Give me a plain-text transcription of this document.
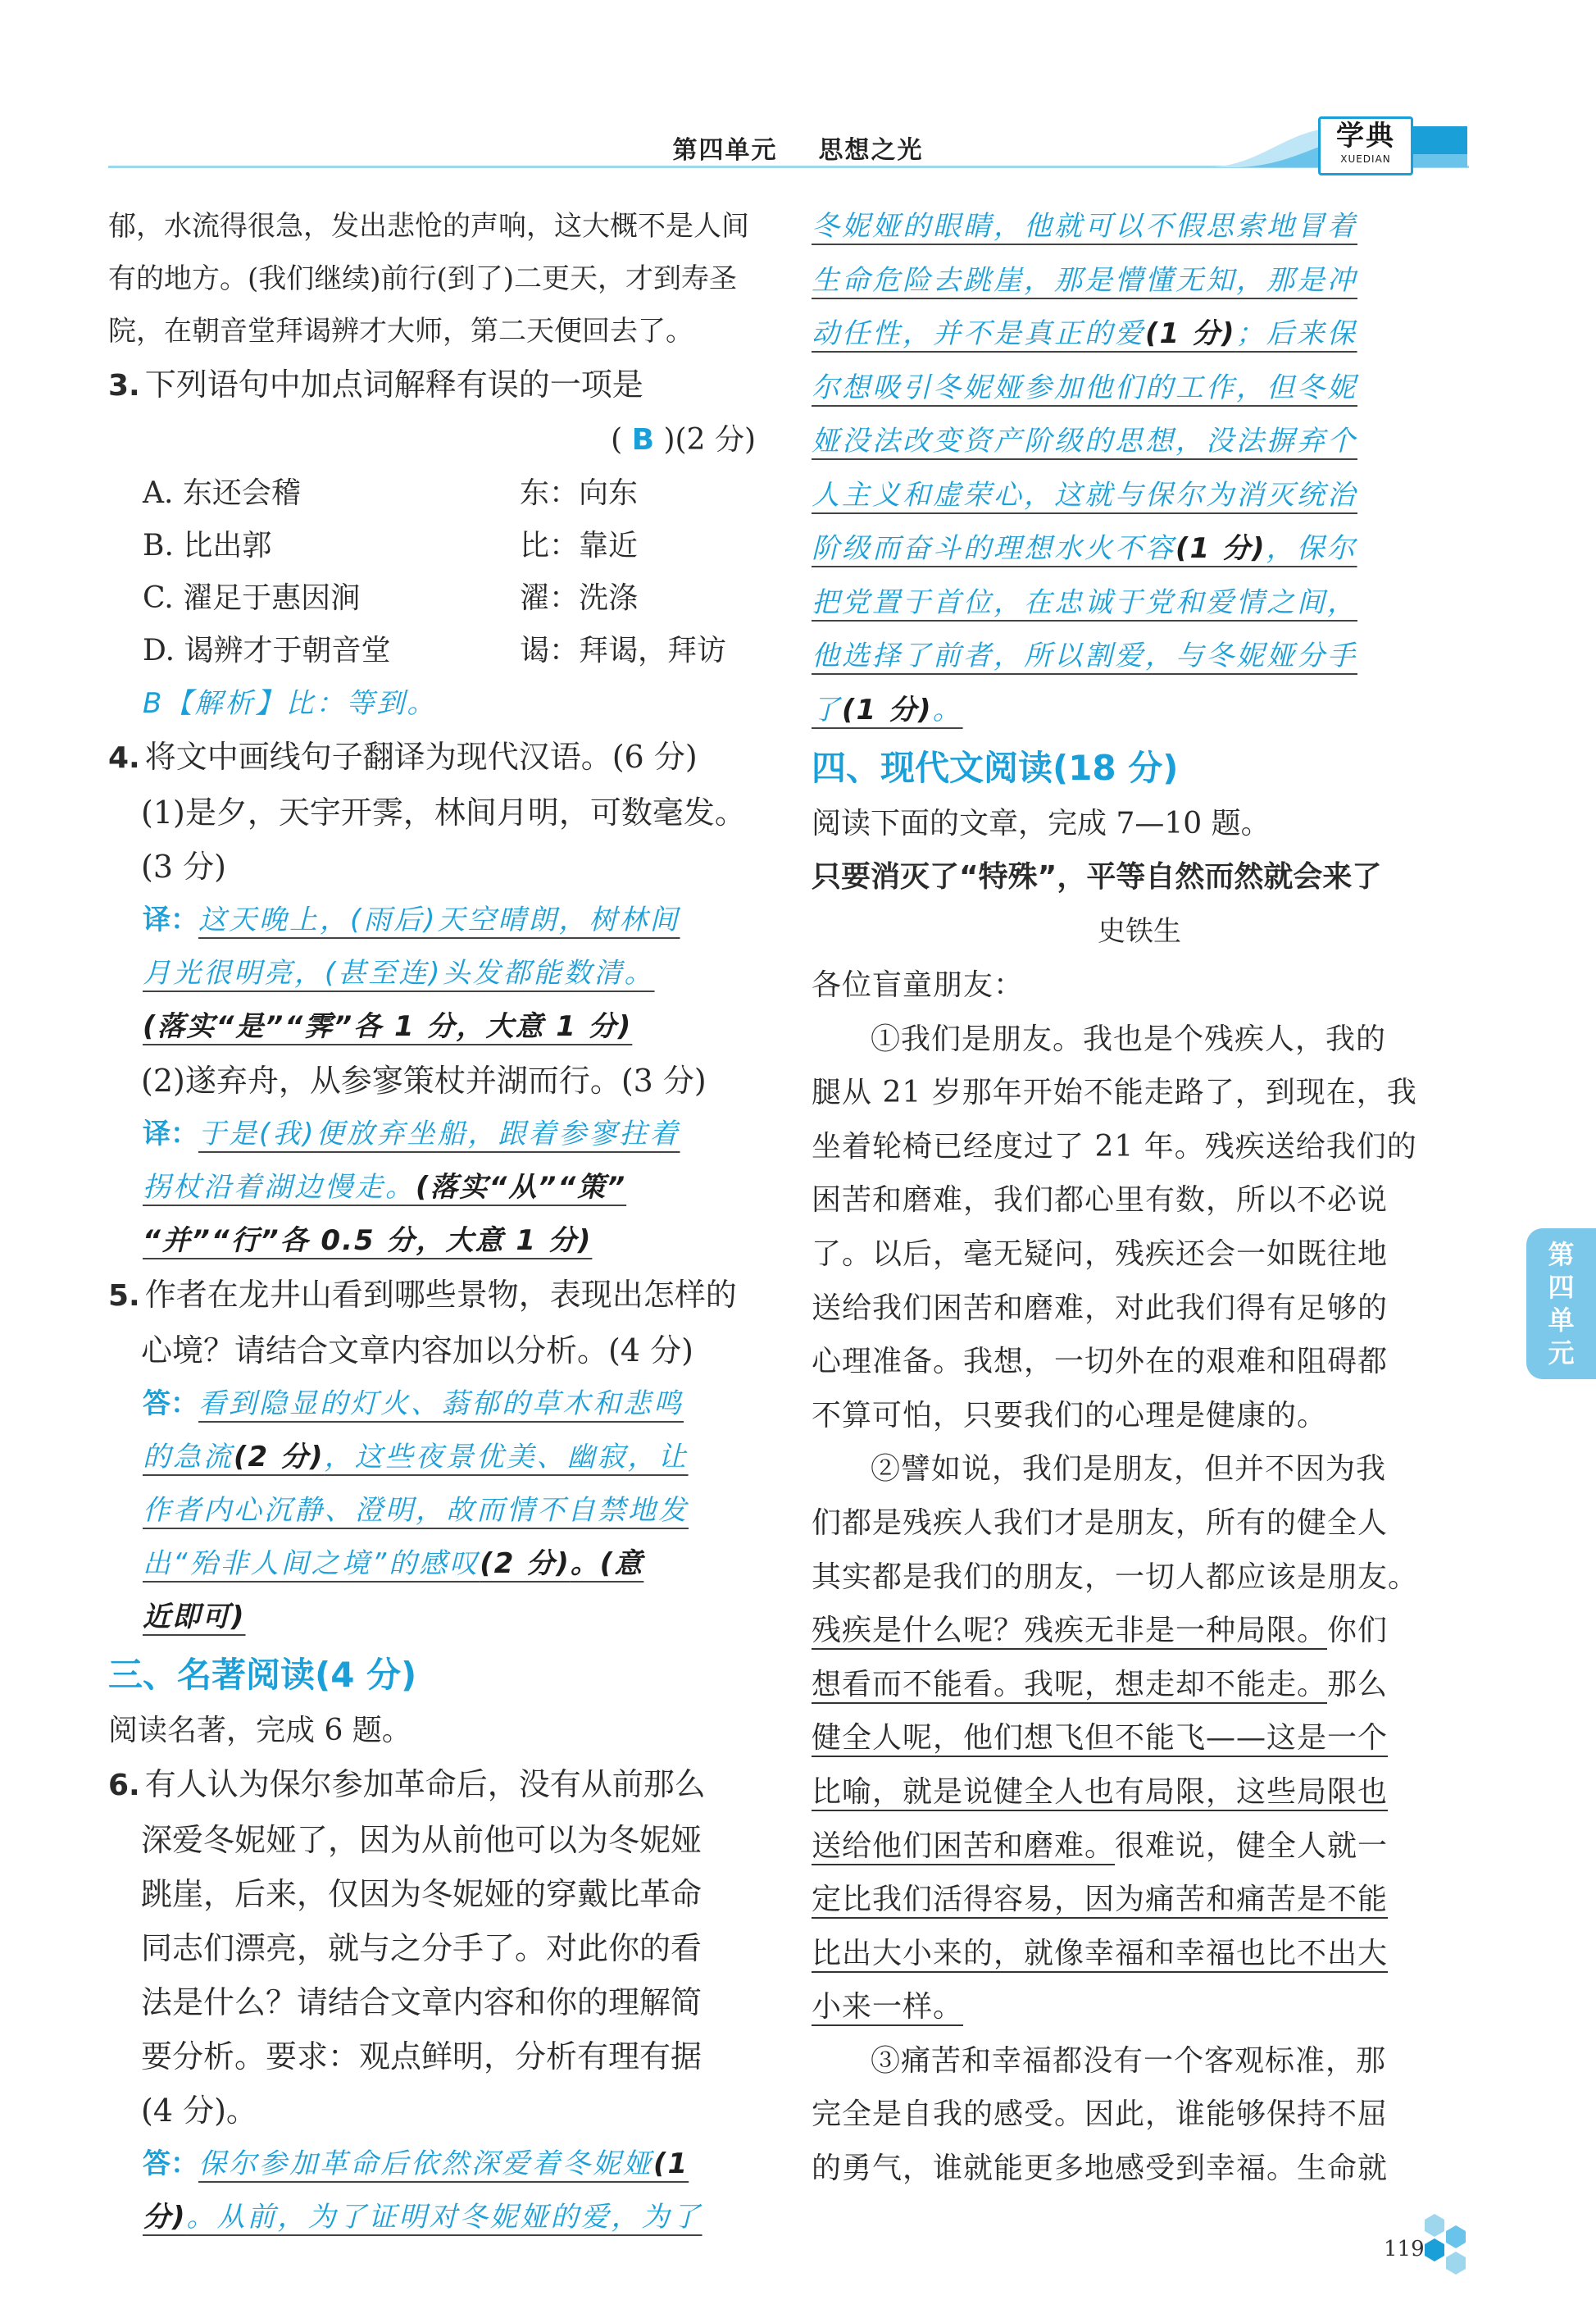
第四单元 思想之光	学典
XUEDIAN

郁，水流得很急，发出悲怆的声响，这大概不是人间

有的地方。(我们继续)前行(到了)二更天，才到寿圣

院，在朝音堂拜谒辨才大师，第二天便回去了。

3. 下列语句中加点词解释有误的一项是

( B )(2 分)

A. 东还会稽	东：向东
B. 比出郭	比：靠近
C. 濯足于惠因涧	濯：洗涤
D. 谒辨才于朝音堂	谒：拜谒，拜访

B【解析】比：等到。

4. 将文中画线句子翻译为现代汉语。(6 分)

(1)是夕，天宇开霁，林间月明，可数毫发。

(3 分)

译：这天晚上，(雨后)天空晴朗，树林间
月光很明亮，(甚至连)头发都能数清。
(落实“是”“霁”各 1 分，大意 1 分)

(2)遂弃舟，从参寥策杖并湖而行。(3 分)

译：于是(我)便放弃坐船，跟着参寥拄着
拐杖沿着湖边慢走。(落实“从”“策”
“并”“行”各 0.5 分，大意 1 分)
5. 作者在龙井山看到哪些景物，表现出怎样的

心境？请结合文章内容加以分析。(4 分)

答：看到隐显的灯火、蓊郁的草木和悲鸣
的急流(2 分)，这些夜景优美、幽寂，让
作者内心沉静、澄明，故而情不自禁地发
出“殆非人间之境”的感叹(2 分)。(意
近即可)
三、名著阅读(4 分)

阅读名著，完成 6 题。

6. 有人认为保尔参加革命后，没有从前那么

深爱冬妮娅了，因为从前他可以为冬妮娅

跳崖，后来，仅因为冬妮娅的穿戴比革命

同志们漂亮，就与之分手了。对此你的看

法是什么？请结合文章内容和你的理解简

要分析。要求：观点鲜明，分析有理有据

(4 分)。

答：保尔参加革命后依然深爱着冬妮娅(1
分)。从前，为了证明对冬妮娅的爱，为了
冬妮娅的眼睛，他就可以不假思索地冒着
生命危险去跳崖，那是懵懂无知，那是冲
动任性，并不是真正的爱(1 分)；后来保
尔想吸引冬妮娅参加他们的工作，但冬妮
娅没法改变资产阶级的思想，没法摒弃个
人主义和虚荣心，这就与保尔为消灭统治
阶级而奋斗的理想水火不容(1 分)，保尔
把党置于首位，在忠诚于党和爱情之间，
他选择了前者，所以割爱，与冬妮娅分手
了(1 分)。
四、现代文阅读(18 分)

阅读下面的文章，完成 7—10 题。

只要消灭了“特殊”，平等自然而然就会来了

史铁生

各位盲童朋友：

①我们是朋友。我也是个残疾人，我的

腿从 21 岁那年开始不能走路了，到现在，我

坐着轮椅已经度过了 21 年。残疾送给我们的

困苦和磨难，我们都心里有数，所以不必说

了。以后，毫无疑问，残疾还会一如既往地

送给我们困苦和磨难，对此我们得有足够的

心理准备。我想，一切外在的艰难和阻碍都

不算可怕，只要我们的心理是健康的。

②譬如说，我们是朋友，但并不因为我

们都是残疾人我们才是朋友，所有的健全人

其实都是我们的朋友，一切人都应该是朋友。

残疾是什么呢？残疾无非是一种局限。你们

想看而不能看。我呢，想走却不能走。那么

健全人呢，他们想飞但不能飞——这是一个

比喻，就是说健全人也有局限，这些局限也

送给他们困苦和磨难。很难说，健全人就一

定比我们活得容易，因为痛苦和痛苦是不能

比出大小来的，就像幸福和幸福也比不出大

小来一样。

③痛苦和幸福都没有一个客观标准，那

完全是自我的感受。因此，谁能够保持不屈

的勇气，谁就能更多地感受到幸福。生命就

第
四
单
元
119
